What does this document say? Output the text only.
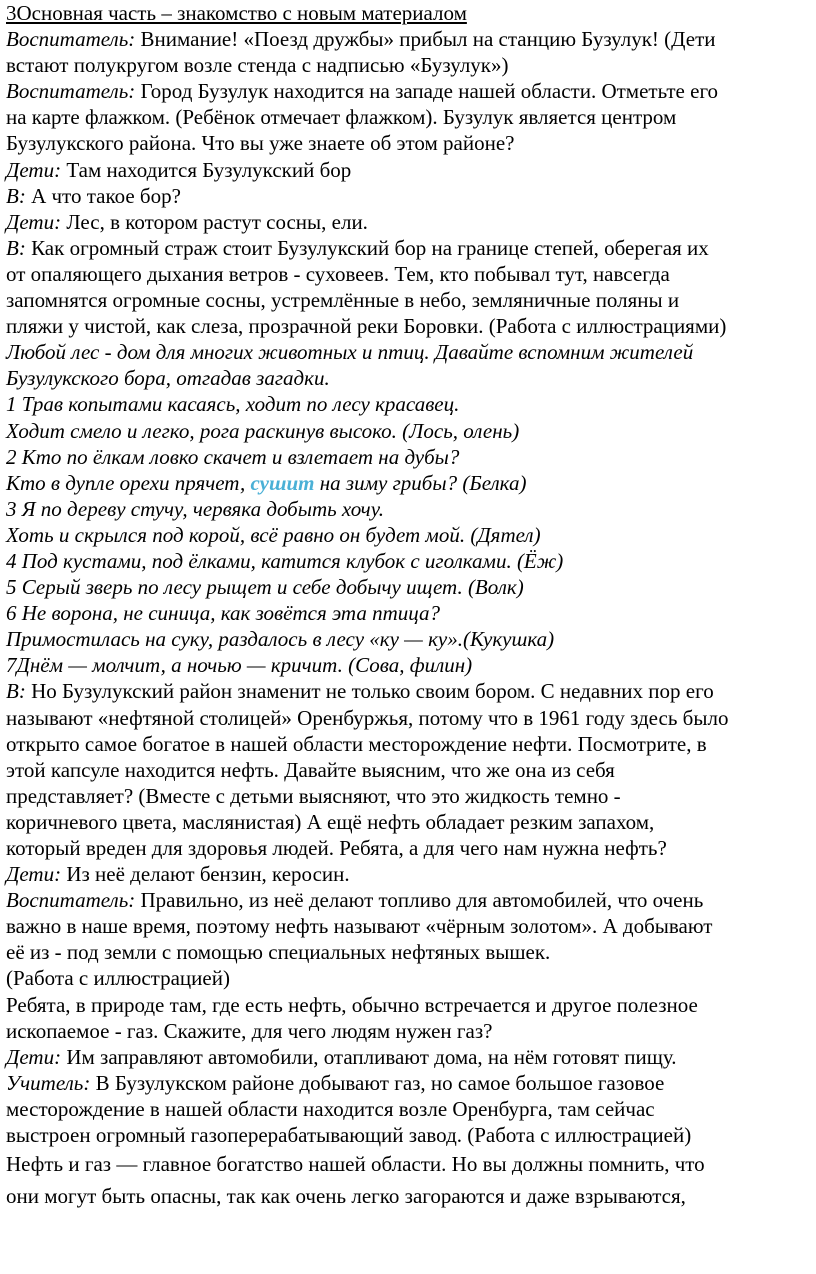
3Основная часть – знакомство с новым материалом
Воспитатель: Внимание! «Поезд дружбы» прибыл на станцию Бузулук! (Дети
встают полукругом возле стенда с надписью «Бузулук»)
Воспитатель: Город Бузулук находится на западе нашей области. Отметьте его
на карте флажком. (Ребёнок отмечает флажком). Бузулук является центром
Бузулукского района. Что вы уже знаете об этом районе?
Дети: Там находится Бузулукский бор
В: А что такое бор?
Дети: Лес, в котором растут сосны, ели.
В: Как огромный страж стоит Бузулукский бор на границе степей, оберегая их
от опаляющего дыхания ветров - суховеев. Тем, кто побывал тут, навсегда
запомнятся огромные сосны, устремлённые в небо, земляничные поляны и
пляжи у чистой, как слеза, прозрачной реки Боровки. (Работа с иллюстрациями)
Любой лес - дом для многих животных и птиц. Давайте вспомним жителей
Бузулукского бора, отгадав загадки.
1 Трав копытами касаясь, ходит по лесу красавец.
Ходит смело и легко, рога раскинув высоко. (Лось, олень)
2 Кто по ёлкам ловко скачет и взлетает на дубы?
Кто в дупле орехи прячет, сушит на зиму грибы? (Белка)
3 Я по дереву стучу, червяка добыть хочу.
Хоть и скрылся под корой, всё равно он будет мой. (Дятел)
4 Под кустами, под ёлками, катится клубок с иголками. (Ёж)
5 Серый зверь по лесу рыщет и себе добычу ищет. (Волк)
6 Не ворона, не синица, как зовётся эта птица?
Примостилась на суку, раздалось в лесу «ку — ку».(Кукушка)
7Днём — молчит, а ночью — кричит. (Сова, филин)
В: Но Бузулукский район знаменит не только своим бором. С недавних пор его
называют «нефтяной столицей» Оренбуржья, потому что в 1961 году здесь было
открыто самое богатое в нашей области месторождение нефти. Посмотрите, в
этой капсуле находится нефть. Давайте выясним, что же она из себя
представляет? (Вместе с детьми выясняют, что это жидкость темно -
коричневого цвета, маслянистая) А ещё нефть обладает резким запахом,
который вреден для здоровья людей. Ребята, а для чего нам нужна нефть?
Дети: Из неё делают бензин, керосин.
Воспитатель: Правильно, из неё делают топливо для автомобилей, что очень
важно в наше время, поэтому нефть называют «чёрным золотом». А добывают
её из - под земли с помощью специальных нефтяных вышек.
(Работа с иллюстрацией)
Ребята, в природе там, где есть нефть, обычно встречается и другое полезное
ископаемое - газ. Скажите, для чего людям нужен газ?
Дети: Им заправляют автомобили, отапливают дома, на нём готовят пищу.
Учитель: В Бузулукском районе добывают газ, но самое большое газовое
месторождение в нашей области находится возле Оренбурга, там сейчас
выстроен огромный газоперерабатывающий завод. (Работа с иллюстрацией)
Нефть и газ — главное богатство нашей области. Но вы должны помнить, что
они могут быть опасны, так как очень легко загораются и даже взрываются,
